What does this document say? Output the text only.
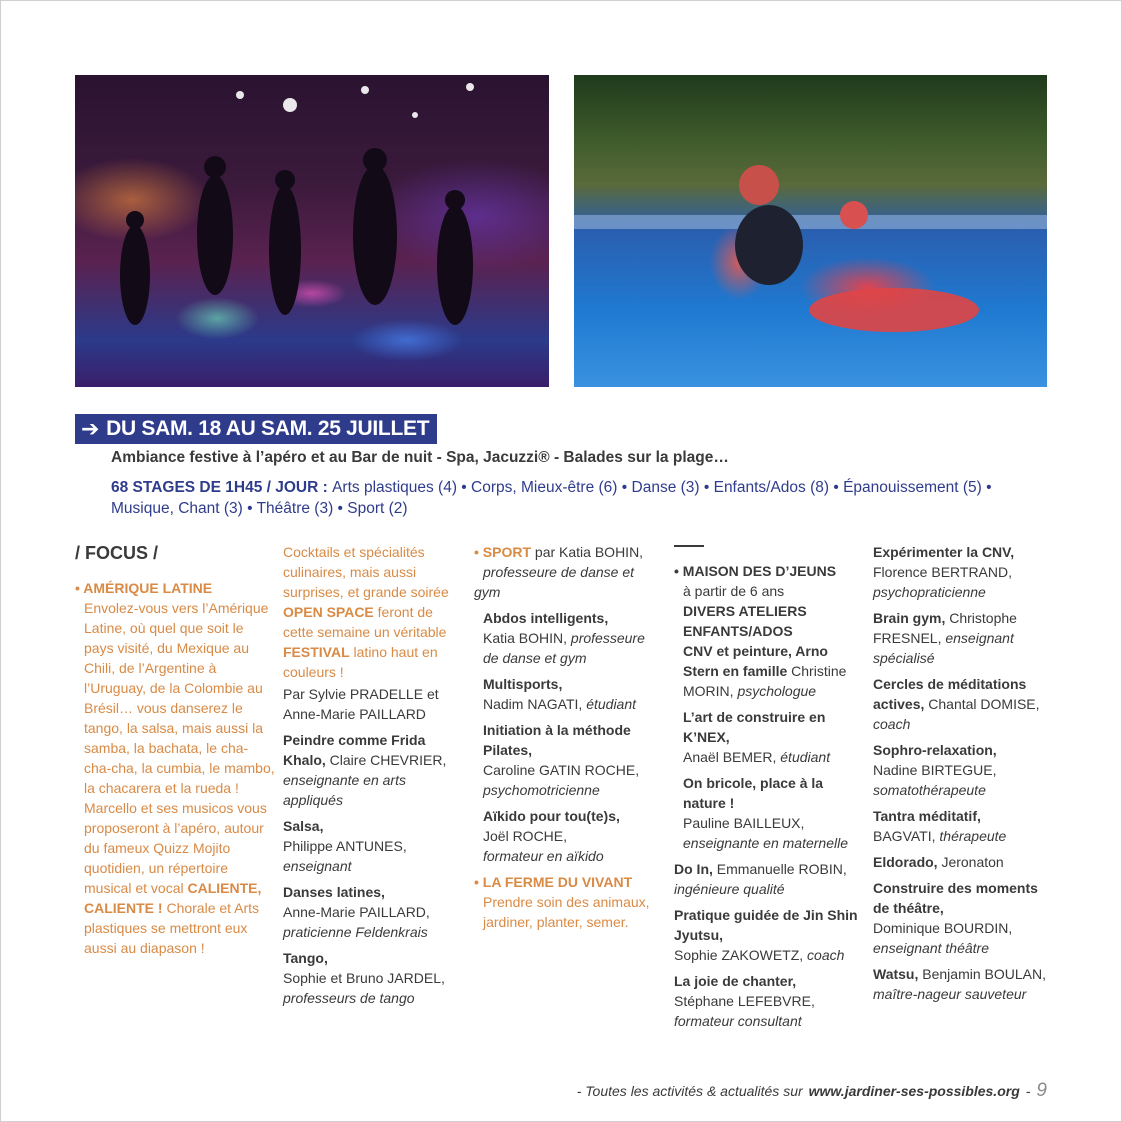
➔ DU SAM. 18 AU SAM. 25 JUILLET
Ambiance festive à l’apéro et au Bar de nuit - Spa, Jacuzzi® - Balades sur la plage…
68 STAGES DE 1H45 / JOUR : Arts plastiques (4) • Corps, Mieux-être (6) • Danse (3) • Enfants/Ados (8) • Épanouissement (5) • Musique, Chant (3) • Théâtre (3) • Sport (2)
/ FOCUS /
• AMÉRIQUE LATINE
Envolez-vous vers l’Amérique Latine, où quel que soit le pays visité, du Mexique au Chili, de l’Argentine à l’Uruguay, de la Colombie au Brésil… vous danserez le tango, la salsa, mais aussi la samba, la bachata, le cha-cha-cha, la cumbia, le mambo, la chacarera et la rueda ! Marcello et ses musicos vous proposeront à l’apéro, autour du fameux Quizz Mojito quotidien, un répertoire musical et vocal CALIENTE, CALIENTE ! Chorale et Arts plastiques se mettront eux aussi au diapason !

Cocktails et spécialités culinaires, mais aussi surprises, et grande soirée OPEN SPACE feront de cette semaine un véritable FESTIVAL latino haut en couleurs !

Par Sylvie PRADELLE et Anne-Marie PAILLARD

Peindre comme Frida Khalo, Claire CHEVRIER,
enseignante en arts appliqués

Salsa,
Philippe ANTUNES,
enseignant

Danses latines,
Anne-Marie PAILLARD,
praticienne Feldenkrais

Tango,
Sophie et Bruno JARDEL,
professeurs de tango

• SPORT par Katia BOHIN,
professeure de danse et gym

Abdos intelligents,
Katia BOHIN, professeure de danse et gym

Multisports,
Nadim NAGATI, étudiant

Initiation à la méthode Pilates,
Caroline GATIN ROCHE,
psychomotricienne

Aïkido pour tou(te)s,
Joël ROCHE,
formateur en aïkido

• LA FERME DU VIVANT

Prendre soin des animaux, jardiner, planter, semer.

• MAISON DES D’JEUNS

à partir de 6 ans
DIVERS ATELIERS ENFANTS/ADOS
CNV et peinture, Arno Stern en famille Christine MORIN, psychologue

L’art de construire en K’NEX,
Anaël BEMER, étudiant

On bricole, place à la nature !
Pauline BAILLEUX,
enseignante en maternelle

Do In, Emmanuelle ROBIN,
ingénieure qualité

Pratique guidée de Jin Shin Jyutsu,
Sophie ZAKOWETZ, coach

La joie de chanter,
Stéphane LEFEBVRE,
formateur consultant

Expérimenter la CNV,
Florence BERTRAND,
psychopraticienne

Brain gym, Christophe FRESNEL, enseignant spécialisé

Cercles de méditations actives, Chantal DOMISE,
coach

Sophro-relaxation,
Nadine BIRTEGUE,
somatothérapeute

Tantra méditatif,
BAGVATI, thérapeute

Eldorado, Jeronaton

Construire des moments de théâtre,
Dominique BOURDIN,
enseignant théâtre

Watsu, Benjamin BOULAN,
maître-nageur sauveteur

- Toutes les activités & actualités sur www.jardiner-ses-possibles.org - 9
